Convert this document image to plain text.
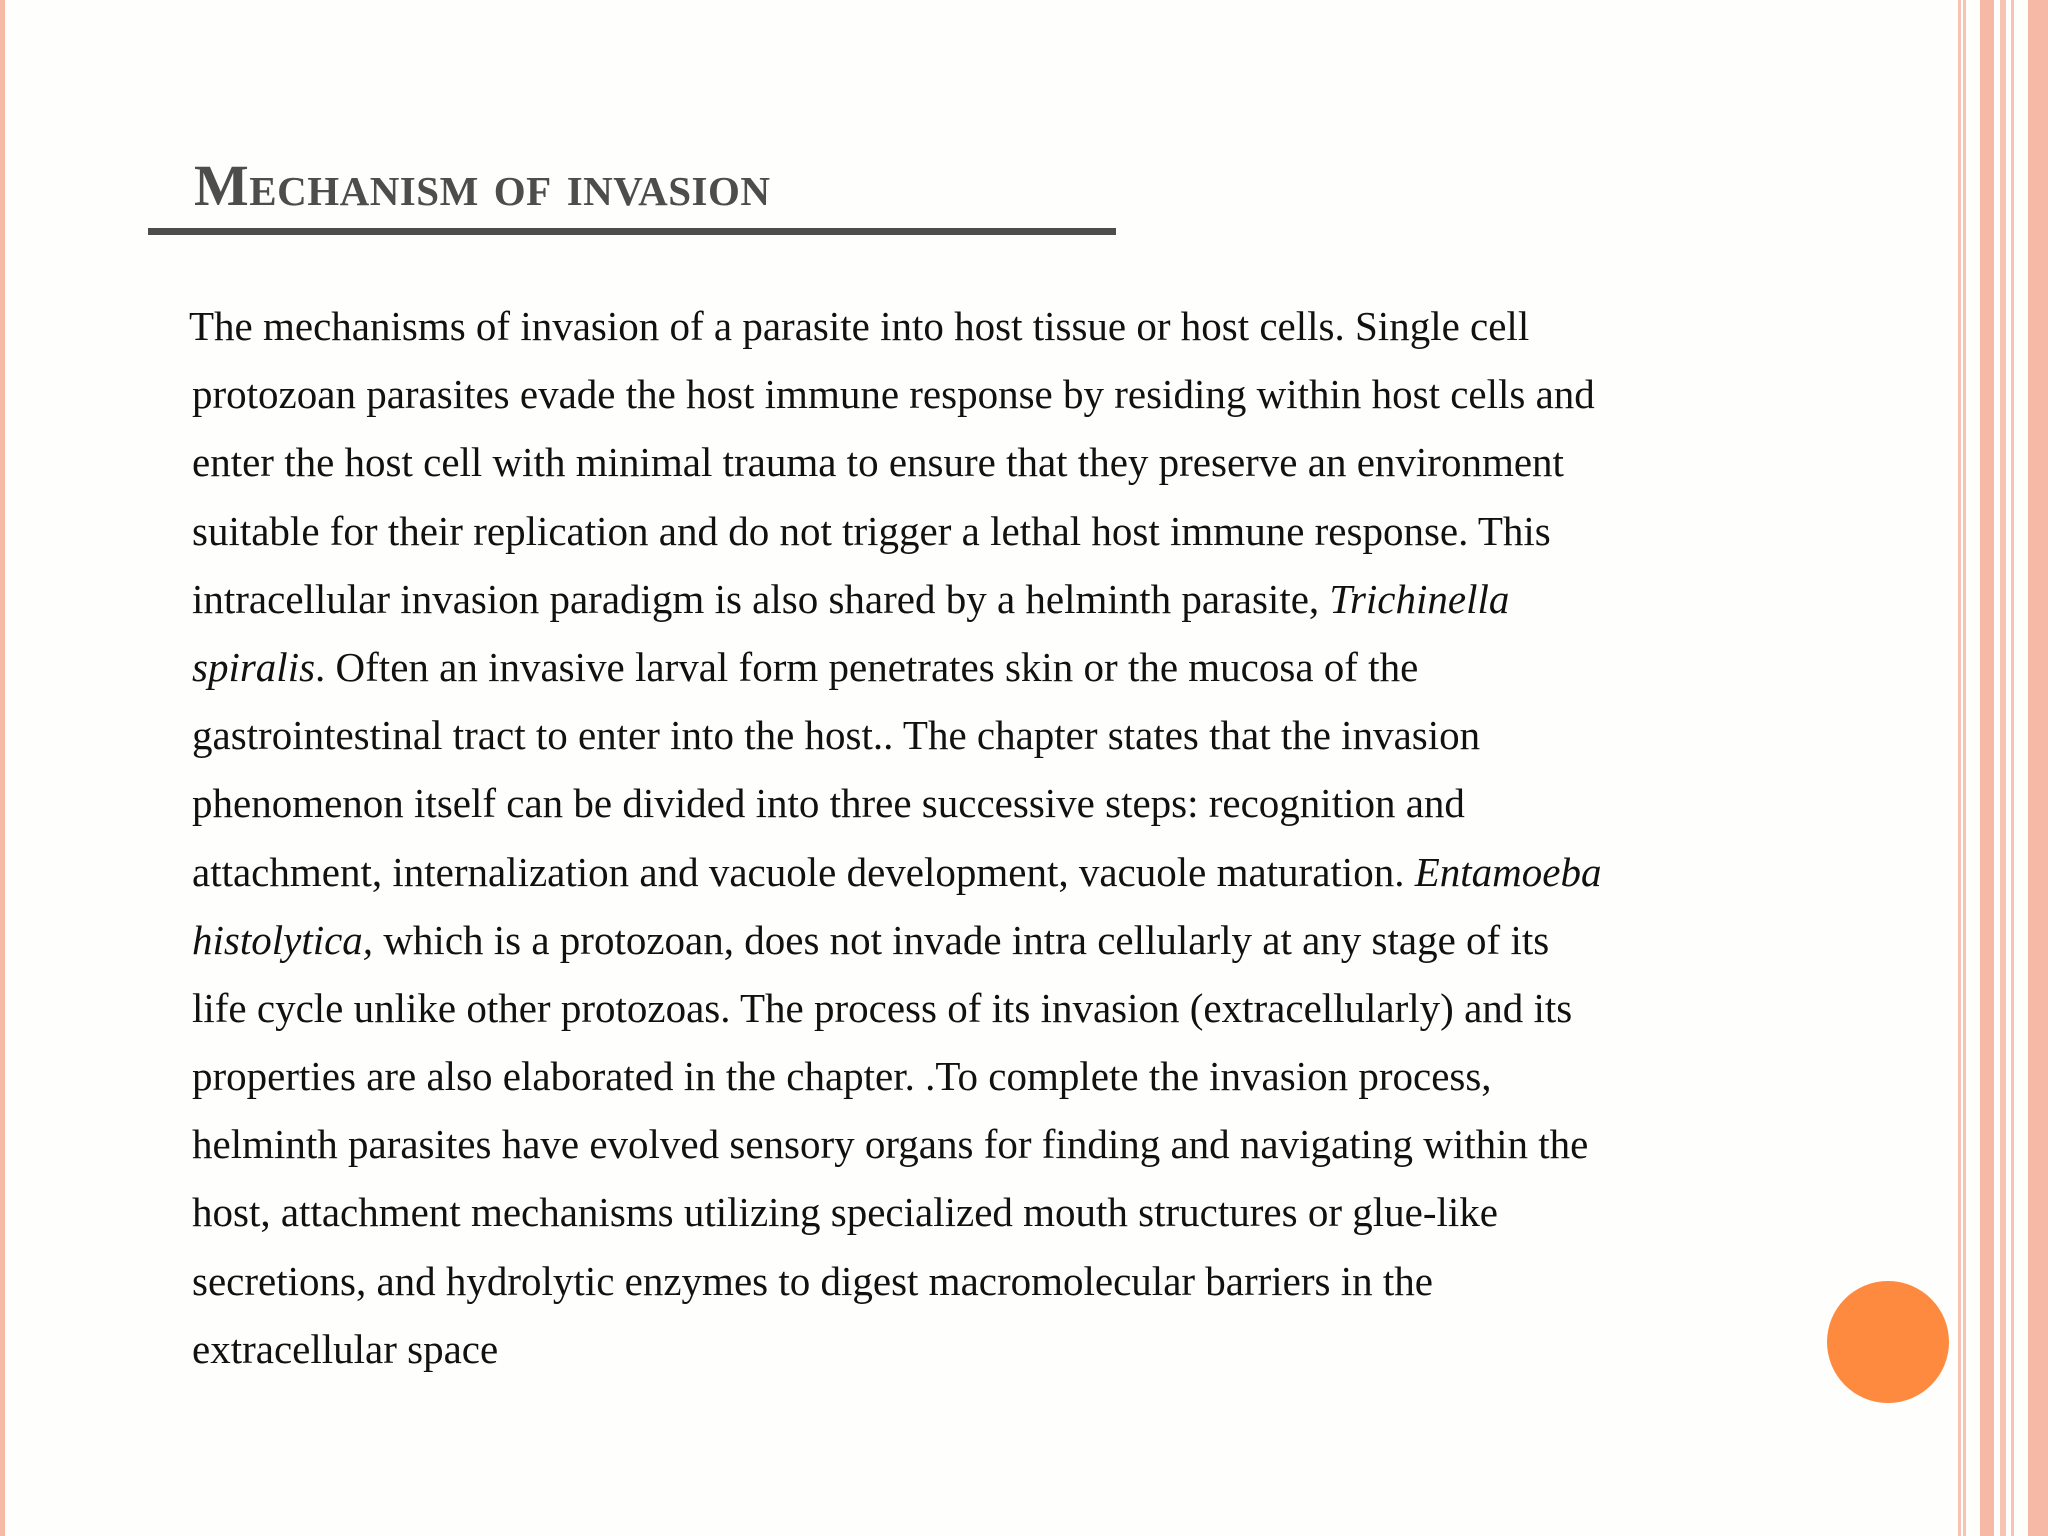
Mechanism of invasion
The mechanisms of invasion of a parasite into host tissue or host cells. Single cell
protozoan parasites evade the host immune response by residing within host cells and
enter the host cell with minimal trauma to ensure that they preserve an environment
suitable for their replication and do not trigger a lethal host immune response. This
intracellular invasion paradigm is also shared by a helminth parasite, Trichinella
spiralis. Often an invasive larval form penetrates skin or the mucosa of the
gastrointestinal tract to enter into the host.. The chapter states that the invasion
phenomenon itself can be divided into three successive steps: recognition and
attachment, internalization and vacuole development, vacuole maturation. Entamoeba
histolytica, which is a protozoan, does not invade intra cellularly at any stage of its
life cycle unlike other protozoas. The process of its invasion (extracellularly) and its
properties are also elaborated in the chapter. .To complete the invasion process,
helminth parasites have evolved sensory organs for finding and navigating within the
host, attachment mechanisms utilizing specialized mouth structures or glue-like
secretions, and hydrolytic enzymes to digest macromolecular barriers in the
extracellular space
